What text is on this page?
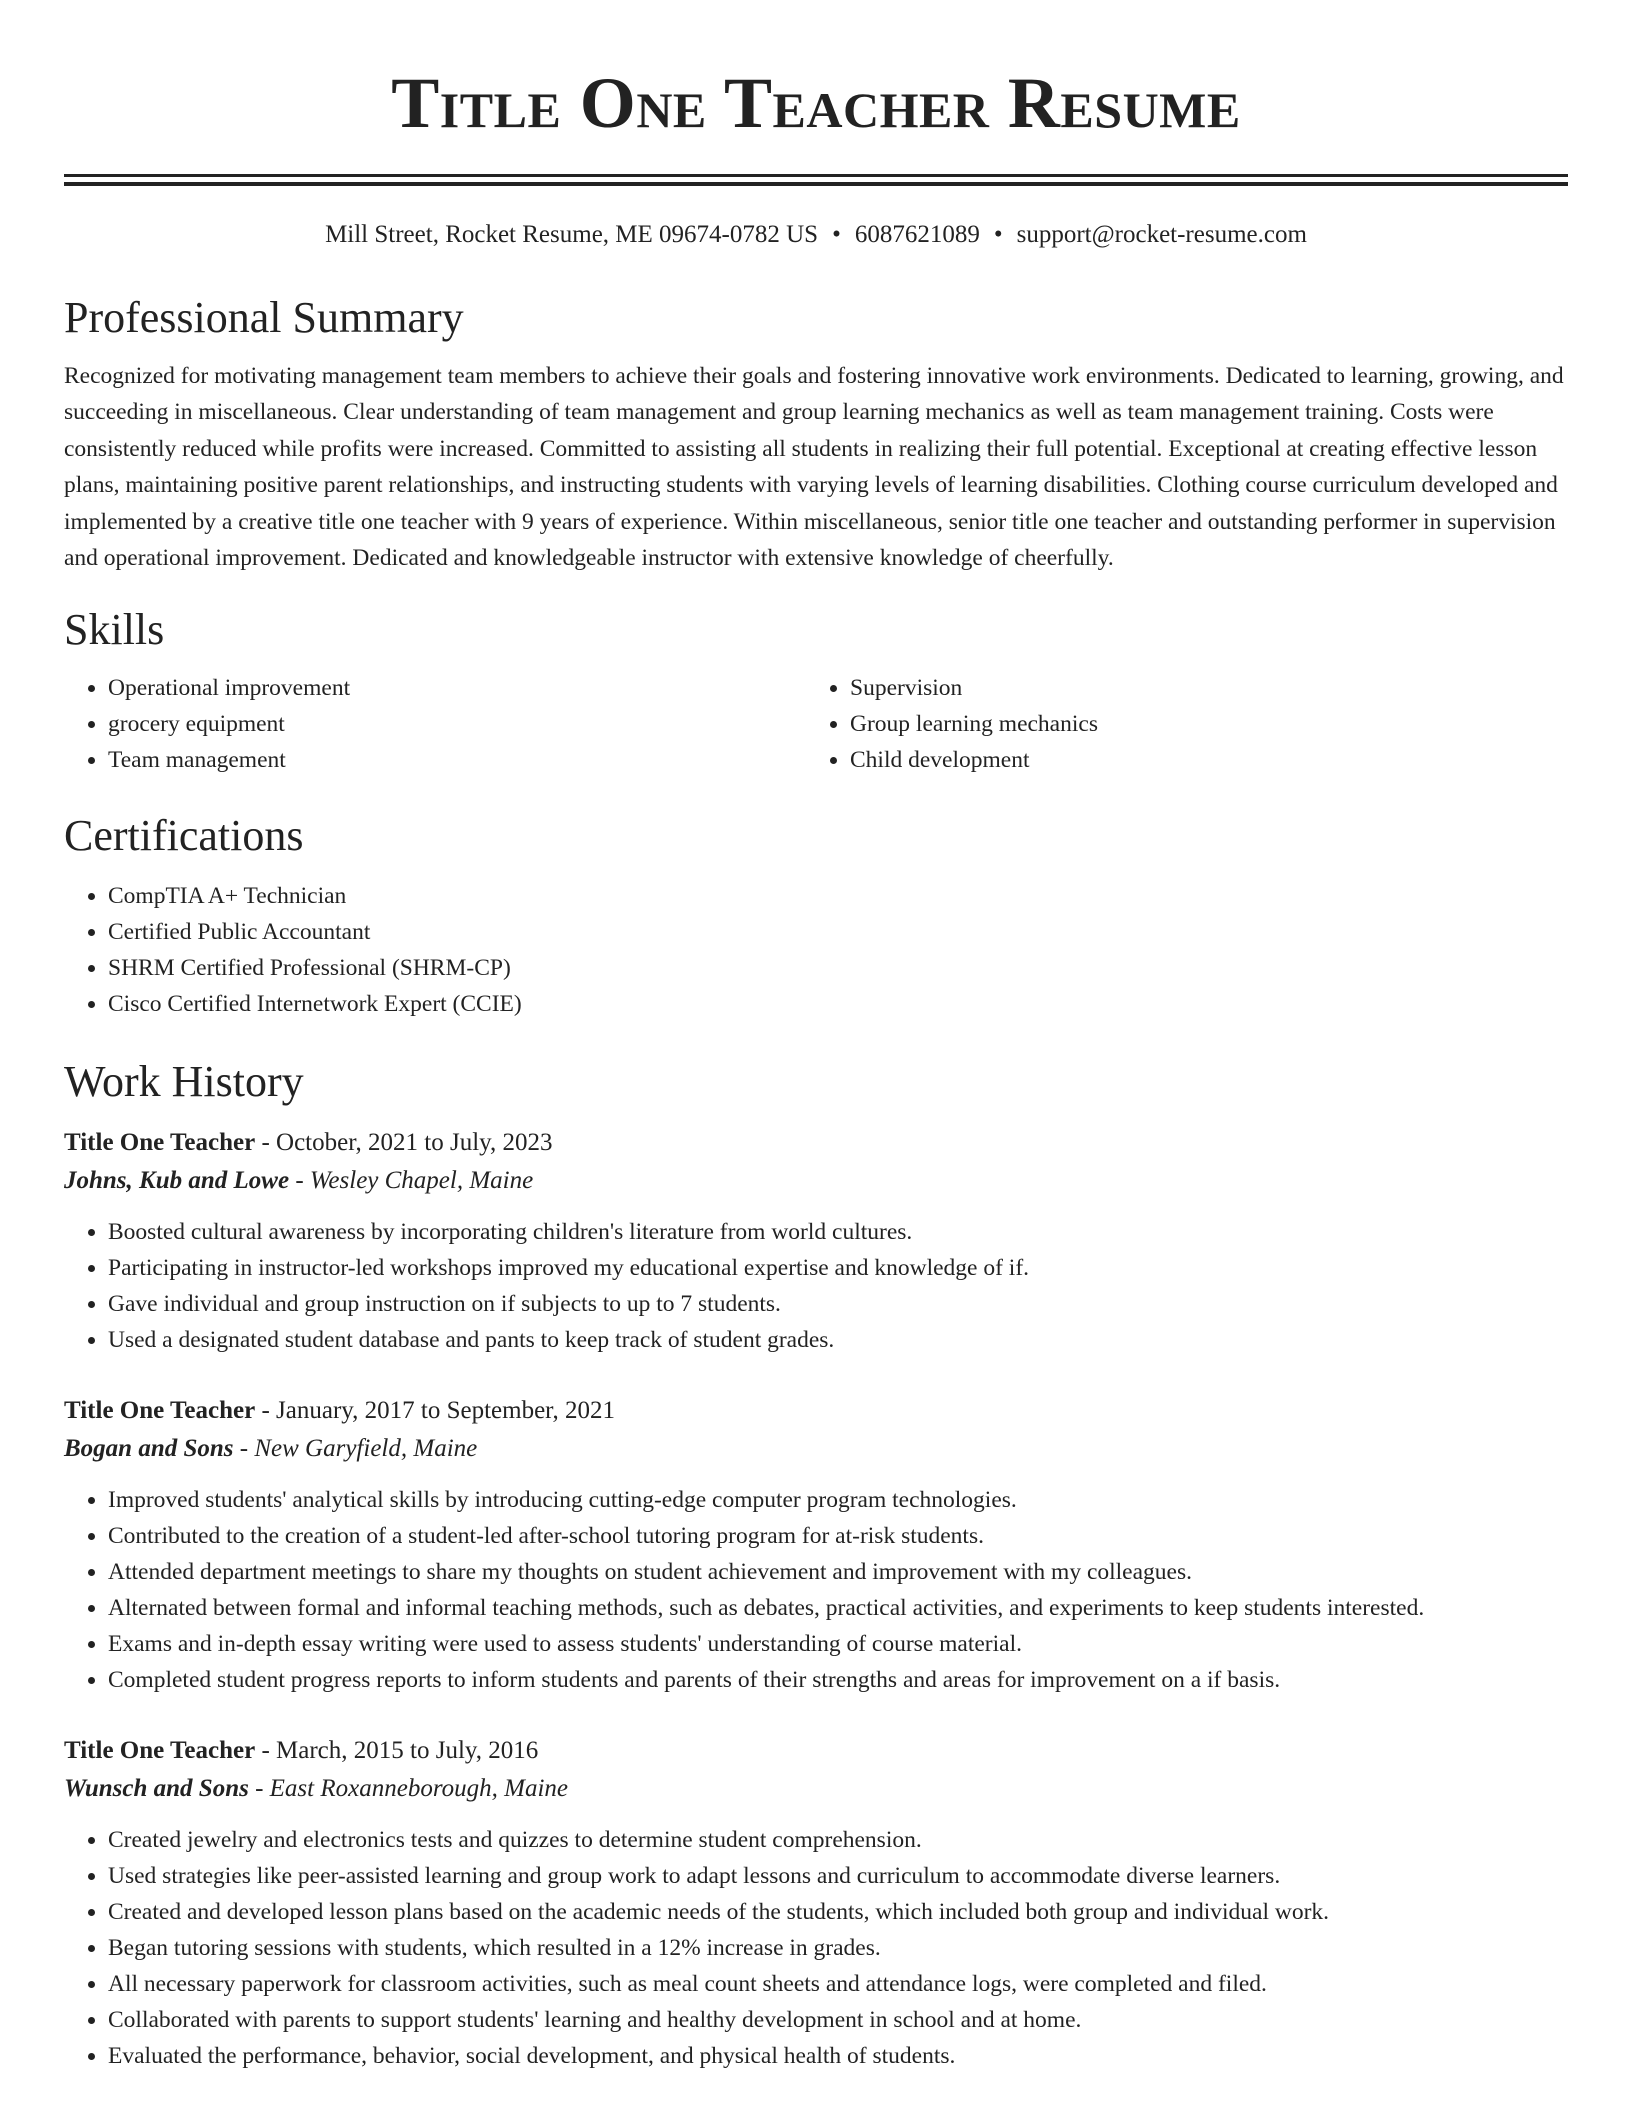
Title One Teacher Resume
Mill Street, Rocket Resume, ME 09674-0782 US • 6087621089 • support@rocket-resume.com
Professional Summary
Recognized for motivating management team members to achieve their goals and fostering innovative work environments. Dedicated to learning, growing, and succeeding in miscellaneous. Clear understanding of team management and group learning mechanics as well as team management training. Costs were consistently reduced while profits were increased. Committed to assisting all students in realizing their full potential. Exceptional at creating effective lesson plans, maintaining positive parent relationships, and instructing students with varying levels of learning disabilities. Clothing course curriculum developed and implemented by a creative title one teacher with 9 years of experience. Within miscellaneous, senior title one teacher and outstanding performer in supervision and operational improvement. Dedicated and knowledgeable instructor with extensive knowledge of cheerfully.
Skills
• Operational improvement
• grocery equipment
• Team management
• Supervision
• Group learning mechanics
• Child development
Certifications
• CompTIA A+ Technician
• Certified Public Accountant
• SHRM Certified Professional (SHRM-CP)
• Cisco Certified Internetwork Expert (CCIE)
Work History
Title One Teacher - October, 2021 to July, 2023
Johns, Kub and Lowe - Wesley Chapel, Maine
• Boosted cultural awareness by incorporating children's literature from world cultures.
• Participating in instructor-led workshops improved my educational expertise and knowledge of if.
• Gave individual and group instruction on if subjects to up to 7 students.
• Used a designated student database and pants to keep track of student grades.
Title One Teacher - January, 2017 to September, 2021
Bogan and Sons - New Garyfield, Maine
• Improved students' analytical skills by introducing cutting-edge computer program technologies.
• Contributed to the creation of a student-led after-school tutoring program for at-risk students.
• Attended department meetings to share my thoughts on student achievement and improvement with my colleagues.
• Alternated between formal and informal teaching methods, such as debates, practical activities, and experiments to keep students interested.
• Exams and in-depth essay writing were used to assess students' understanding of course material.
• Completed student progress reports to inform students and parents of their strengths and areas for improvement on a if basis.
Title One Teacher - March, 2015 to July, 2016
Wunsch and Sons - East Roxanneborough, Maine
• Created jewelry and electronics tests and quizzes to determine student comprehension.
• Used strategies like peer-assisted learning and group work to adapt lessons and curriculum to accommodate diverse learners.
• Created and developed lesson plans based on the academic needs of the students, which included both group and individual work.
• Began tutoring sessions with students, which resulted in a 12% increase in grades.
• All necessary paperwork for classroom activities, such as meal count sheets and attendance logs, were completed and filed.
• Collaborated with parents to support students' learning and healthy development in school and at home.
• Evaluated the performance, behavior, social development, and physical health of students.
